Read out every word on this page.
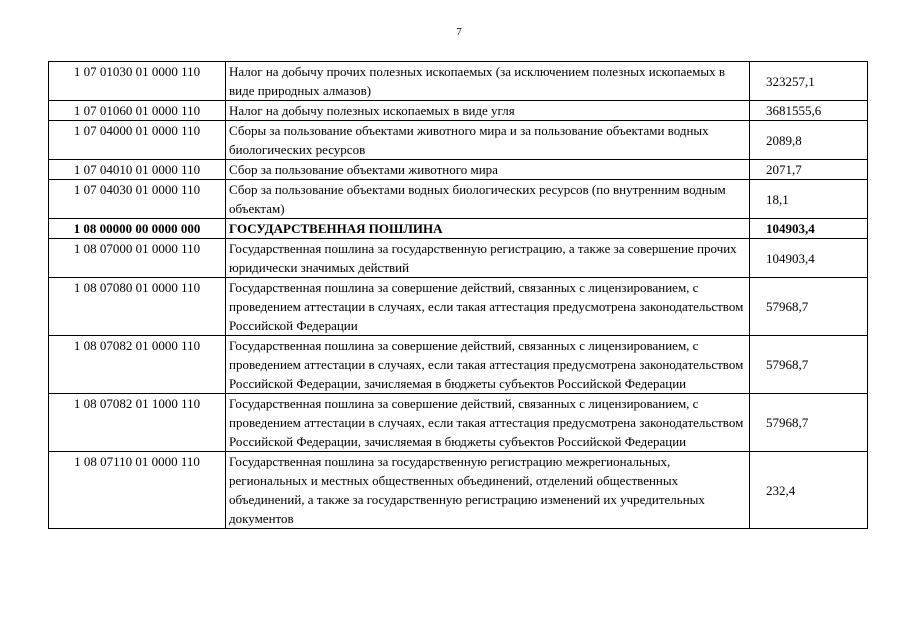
7
1 07 01030 01 0000 110	Налог на добычу прочих полезных ископаемых (за исключением полезных ископаемых в виде природных алмазов)	323257,1
1 07 01060 01 0000 110	Налог на добычу полезных ископаемых в виде угля	3681555,6
1 07 04000 01 0000 110	Сборы за пользование объектами животного мира и за пользование объектами водных биологических ресурсов	2089,8
1 07 04010 01 0000 110	Сбор за пользование объектами животного мира	2071,7
1 07 04030 01 0000 110	Сбор за пользование объектами водных биологических ресурсов (по внутренним водным объектам)	18,1
1 08 00000 00 0000 000	ГОСУДАРСТВЕННАЯ ПОШЛИНА	104903,4
1 08 07000 01 0000 110	Государственная пошлина за государственную регистрацию, а также за совершение прочих юридически значимых действий	104903,4
1 08 07080 01 0000 110	Государственная пошлина за совершение действий, связанных с лицензированием, с проведением аттестации в случаях, если такая аттестация предусмотрена законодательством Российской Федерации	57968,7
1 08 07082 01 0000 110	Государственная пошлина за совершение действий, связанных с лицензированием, с проведением аттестации в случаях, если такая аттестация предусмотрена законодательством Российской Федерации, зачисляемая в бюджеты субъектов Российской Федерации	57968,7
1 08 07082 01 1000 110	Государственная пошлина за совершение действий, связанных с лицензированием, с проведением аттестации в случаях, если такая аттестация предусмотрена законодательством Российской Федерации, зачисляемая в бюджеты субъектов Российской Федерации	57968,7
1 08 07110 01 0000 110	Государственная пошлина за государственную регистрацию межрегиональных, региональных и местных общественных объединений, отделений общественных объединений, а также за государственную регистрацию изменений их учредительных документов	232,4
